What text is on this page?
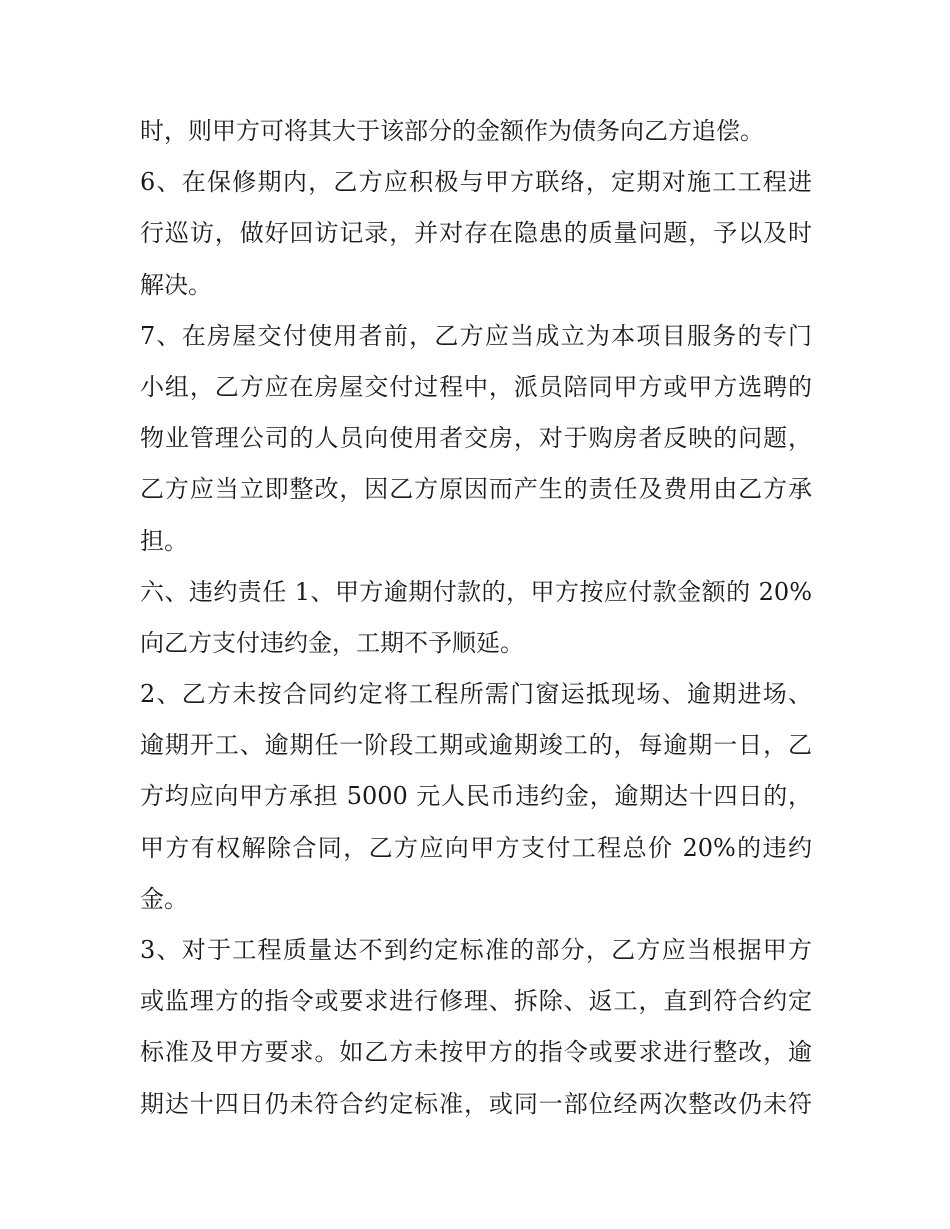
时，则甲方可将其大于该部分的金额作为债务向乙方追偿。
6、在保修期内，乙方应积极与甲方联络，定期对施工工程进
行巡访，做好回访记录，并对存在隐患的质量问题，予以及时
解决。
7、在房屋交付使用者前，乙方应当成立为本项目服务的专门
小组，乙方应在房屋交付过程中，派员陪同甲方或甲方选聘的
物业管理公司的人员向使用者交房，对于购房者反映的问题，
乙方应当立即整改，因乙方原因而产生的责任及费用由乙方承
担。
六、违约责任 1、甲方逾期付款的，甲方按应付款金额的 20%
向乙方支付违约金，工期不予顺延。
2、乙方未按合同约定将工程所需门窗运抵现场、逾期进场、
逾期开工、逾期任一阶段工期或逾期竣工的，每逾期一日，乙
方均应向甲方承担 5000 元人民币违约金，逾期达十四日的，
甲方有权解除合同，乙方应向甲方支付工程总价 20%的违约
金。
3、对于工程质量达不到约定标准的部分，乙方应当根据甲方
或监理方的指令或要求进行修理、拆除、返工，直到符合约定
标准及甲方要求。如乙方未按甲方的指令或要求进行整改，逾
期达十四日仍未符合约定标准，或同一部位经两次整改仍未符
